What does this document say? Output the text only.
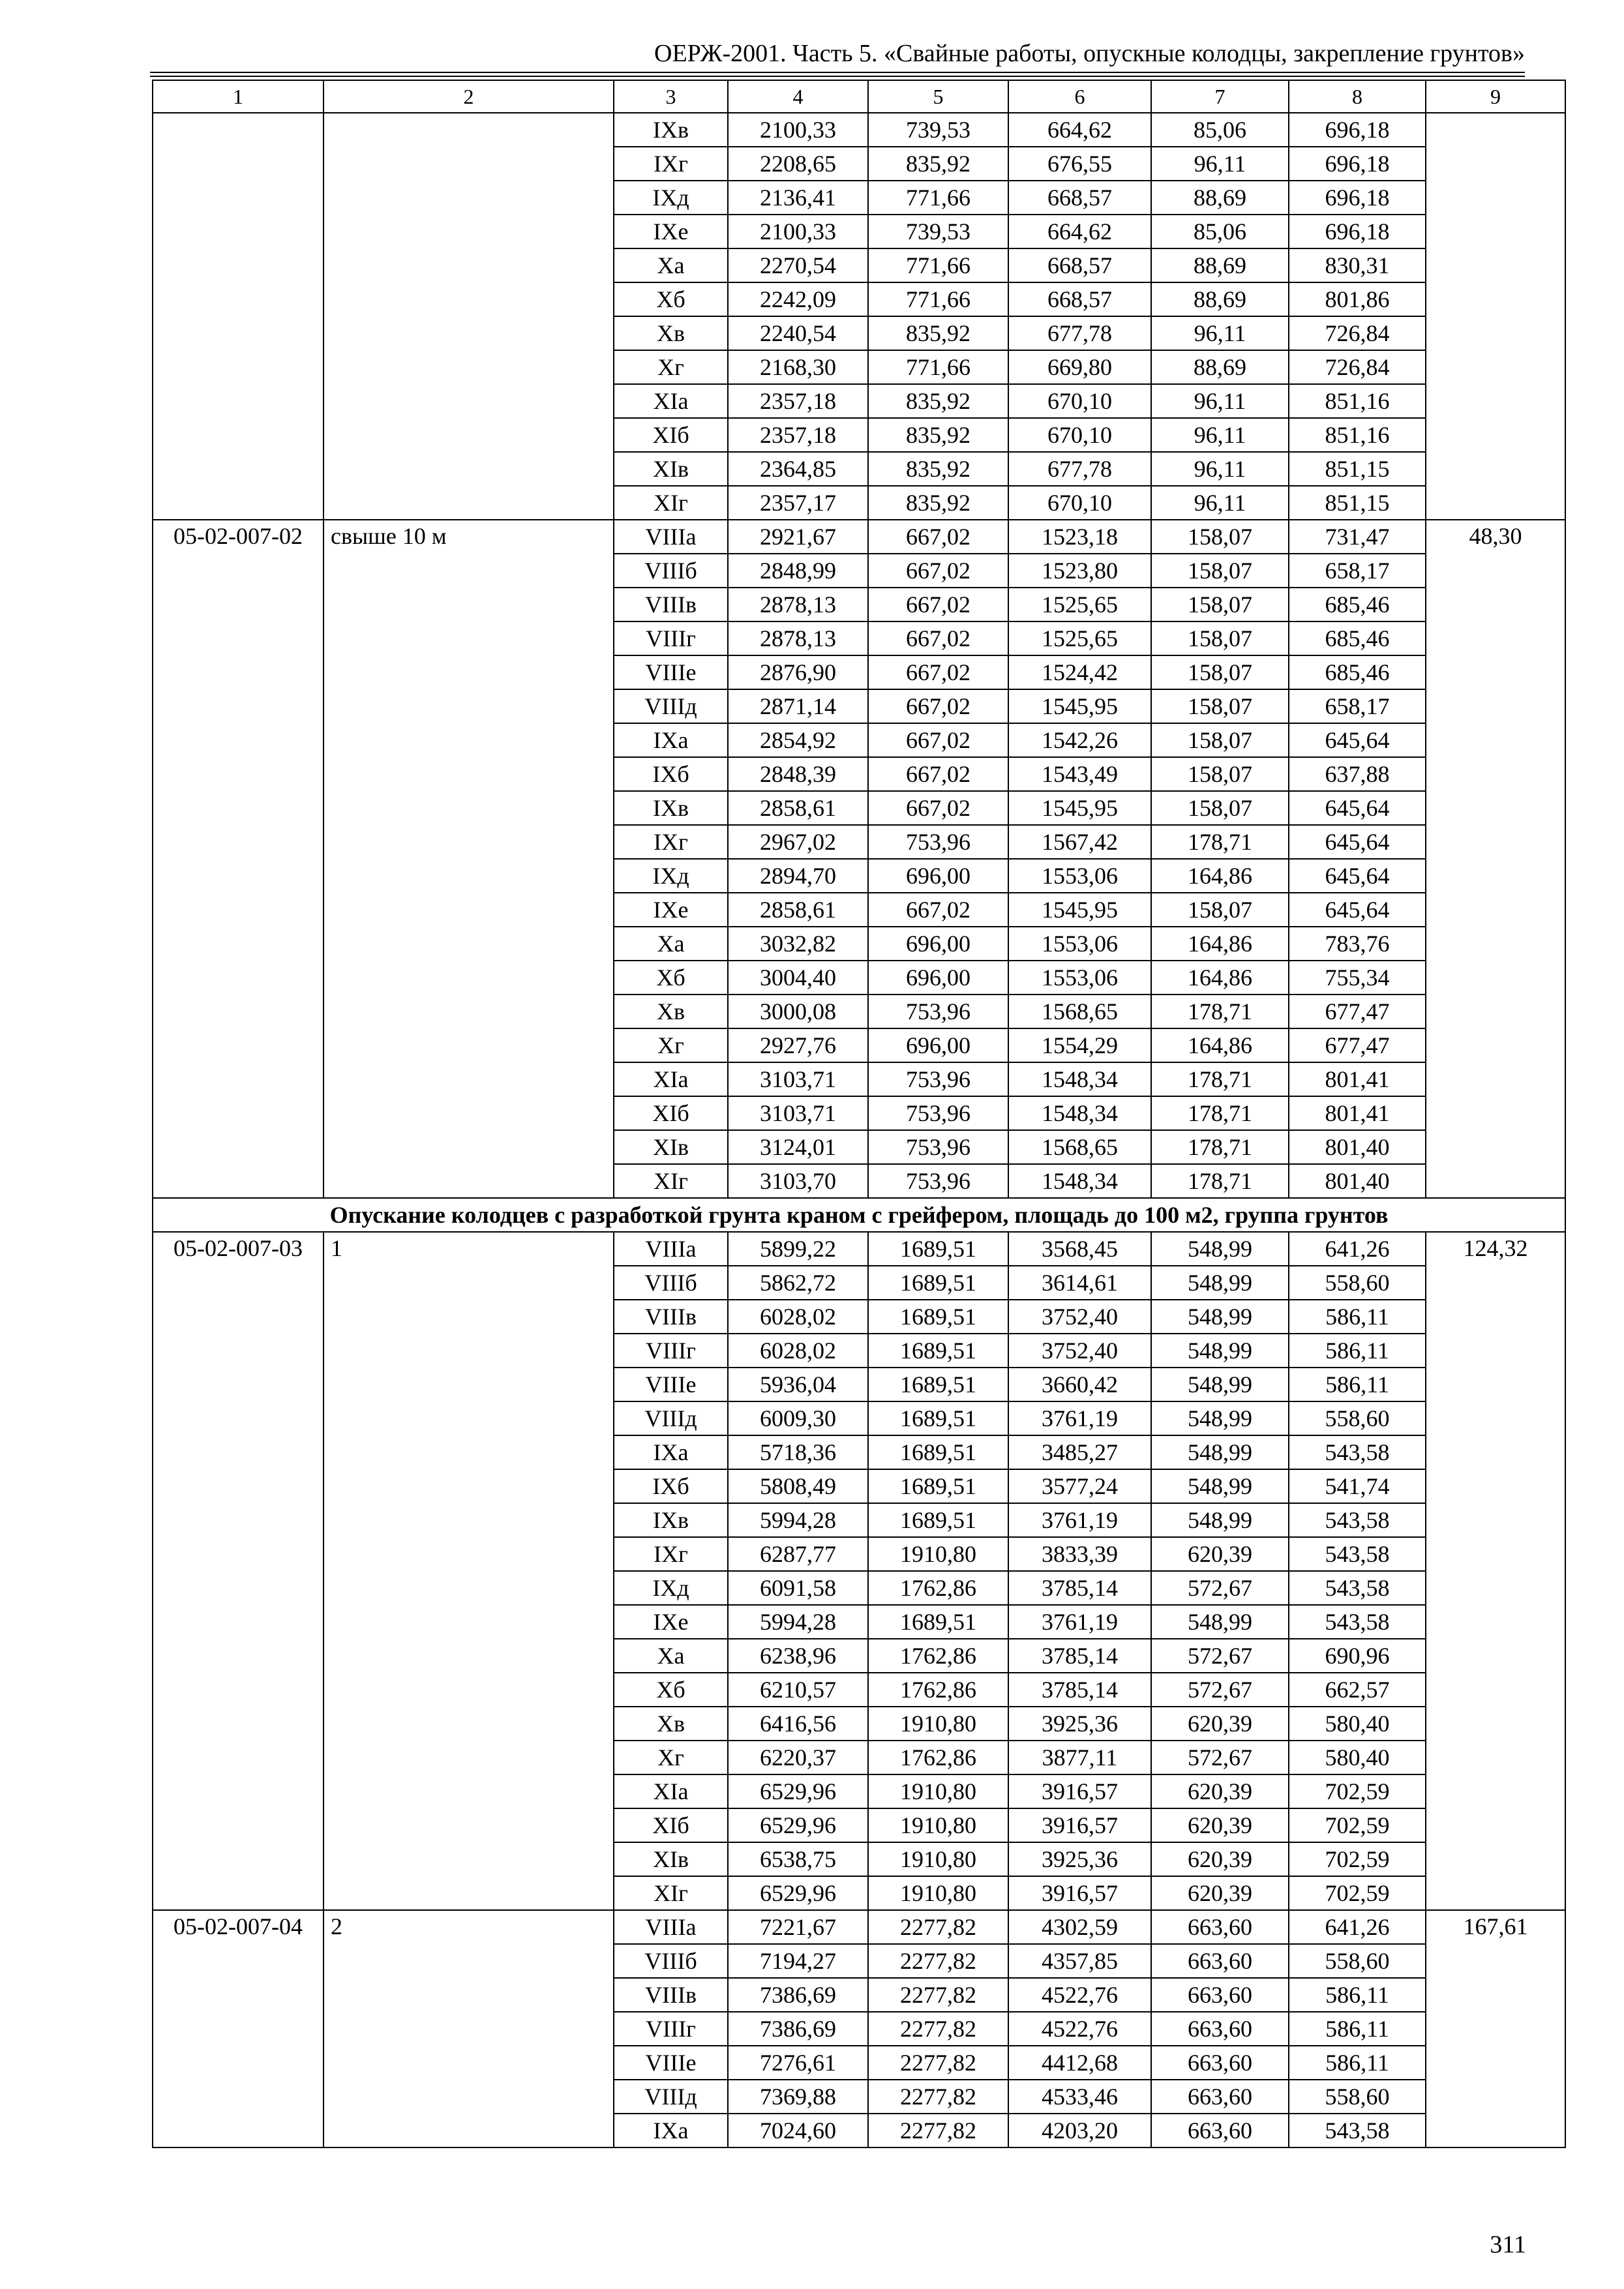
ОЕРЖ-2001. Часть 5. «Свайные работы, опускные колодцы, закрепление грунтов»
1	2	3	4	5	6	7	8	9
		IXв	2100,33	739,53	664,62	85,06	696,18	
		IXг	2208,65	835,92	676,55	96,11	696,18	
		IXд	2136,41	771,66	668,57	88,69	696,18	
		IXе	2100,33	739,53	664,62	85,06	696,18	
		Xа	2270,54	771,66	668,57	88,69	830,31	
		Xб	2242,09	771,66	668,57	88,69	801,86	
		Xв	2240,54	835,92	677,78	96,11	726,84	
		Xг	2168,30	771,66	669,80	88,69	726,84	
		XIа	2357,18	835,92	670,10	96,11	851,16	
		XIб	2357,18	835,92	670,10	96,11	851,16	
		XIв	2364,85	835,92	677,78	96,11	851,15	
		XIг	2357,17	835,92	670,10	96,11	851,15	
05-02-007-02	свыше 10 м	VIIIа	2921,67	667,02	1523,18	158,07	731,47	48,30
		VIIIб	2848,99	667,02	1523,80	158,07	658,17	
		VIIIв	2878,13	667,02	1525,65	158,07	685,46	
		VIIIг	2878,13	667,02	1525,65	158,07	685,46	
		VIIIе	2876,90	667,02	1524,42	158,07	685,46	
		VIIIд	2871,14	667,02	1545,95	158,07	658,17	
		IXа	2854,92	667,02	1542,26	158,07	645,64	
		IXб	2848,39	667,02	1543,49	158,07	637,88	
		IXв	2858,61	667,02	1545,95	158,07	645,64	
		IXг	2967,02	753,96	1567,42	178,71	645,64	
		IXд	2894,70	696,00	1553,06	164,86	645,64	
		IXе	2858,61	667,02	1545,95	158,07	645,64	
		Xа	3032,82	696,00	1553,06	164,86	783,76	
		Xб	3004,40	696,00	1553,06	164,86	755,34	
		Xв	3000,08	753,96	1568,65	178,71	677,47	
		Xг	2927,76	696,00	1554,29	164,86	677,47	
		XIа	3103,71	753,96	1548,34	178,71	801,41	
		XIб	3103,71	753,96	1548,34	178,71	801,41	
		XIв	3124,01	753,96	1568,65	178,71	801,40	
		XIг	3103,70	753,96	1548,34	178,71	801,40	
Опускание колодцев с разработкой грунта краном с грейфером, площадь до 100 м2, группа грунтов								
05-02-007-03	1	VIIIа	5899,22	1689,51	3568,45	548,99	641,26	124,32
		VIIIб	5862,72	1689,51	3614,61	548,99	558,60	
		VIIIв	6028,02	1689,51	3752,40	548,99	586,11	
		VIIIг	6028,02	1689,51	3752,40	548,99	586,11	
		VIIIе	5936,04	1689,51	3660,42	548,99	586,11	
		VIIIд	6009,30	1689,51	3761,19	548,99	558,60	
		IXа	5718,36	1689,51	3485,27	548,99	543,58	
		IXб	5808,49	1689,51	3577,24	548,99	541,74	
		IXв	5994,28	1689,51	3761,19	548,99	543,58	
		IXг	6287,77	1910,80	3833,39	620,39	543,58	
		IXд	6091,58	1762,86	3785,14	572,67	543,58	
		IXе	5994,28	1689,51	3761,19	548,99	543,58	
		Xа	6238,96	1762,86	3785,14	572,67	690,96	
		Xб	6210,57	1762,86	3785,14	572,67	662,57	
		Xв	6416,56	1910,80	3925,36	620,39	580,40	
		Xг	6220,37	1762,86	3877,11	572,67	580,40	
		XIа	6529,96	1910,80	3916,57	620,39	702,59	
		XIб	6529,96	1910,80	3916,57	620,39	702,59	
		XIв	6538,75	1910,80	3925,36	620,39	702,59	
		XIг	6529,96	1910,80	3916,57	620,39	702,59	
05-02-007-04	2	VIIIа	7221,67	2277,82	4302,59	663,60	641,26	167,61
		VIIIб	7194,27	2277,82	4357,85	663,60	558,60	
		VIIIв	7386,69	2277,82	4522,76	663,60	586,11	
		VIIIг	7386,69	2277,82	4522,76	663,60	586,11	
		VIIIе	7276,61	2277,82	4412,68	663,60	586,11	
		VIIIд	7369,88	2277,82	4533,46	663,60	558,60	
		IXа	7024,60	2277,82	4203,20	663,60	543,58	
311
